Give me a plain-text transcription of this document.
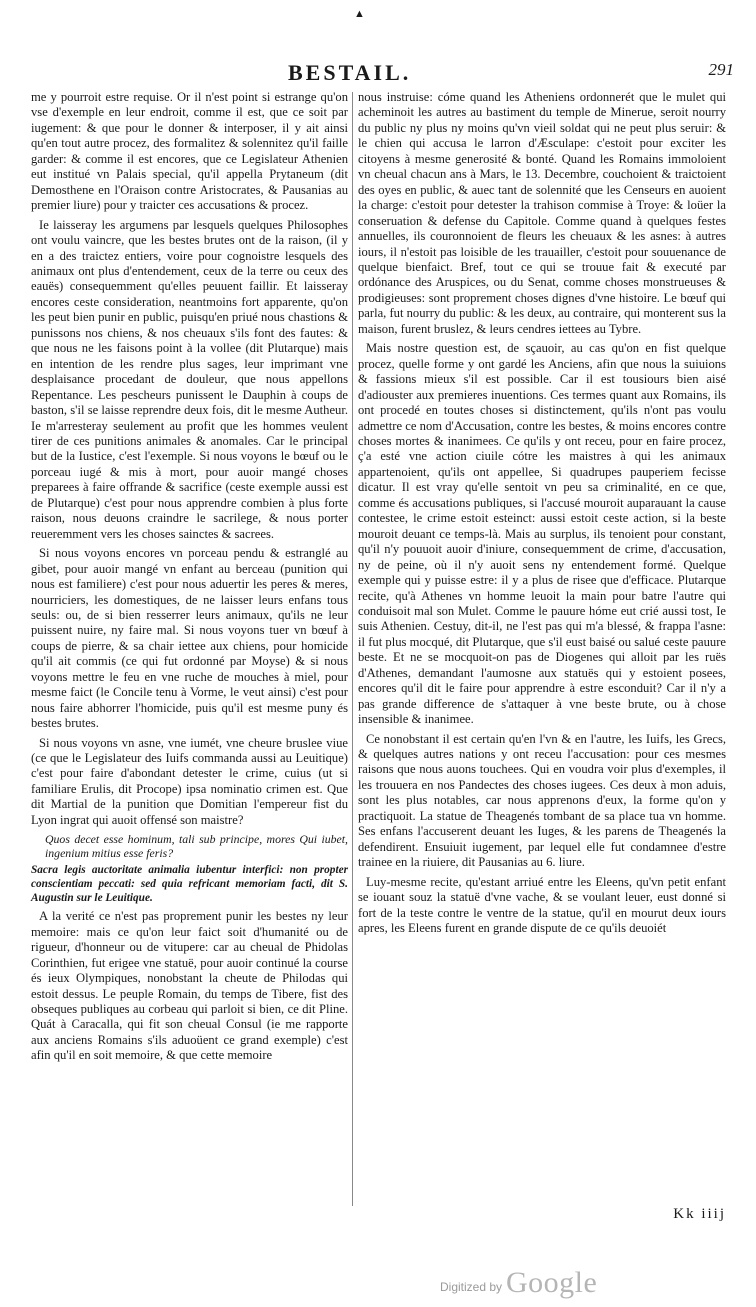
BESTAIL.	291
▲

me y pourroit estre requise. Or il n'est point si estrange qu'on vse d'exemple en leur endroit, comme il est, que ce soit par iugement: & que pour le donner & interposer, il y ait ainsi qu'en tout autre procez, des formalitez & solennitez qu'il faille garder: & comme il est encores, que ce Legislateur Athenien eut institué vn Palais special, qu'il appella Prytaneum (dit Demosthene en l'Oraison contre Aristocrates, & Pausanias au premier liure) pour y traicter ces accusations & procez.

Ie laisseray les argumens par lesquels quelques Philosophes ont voulu vaincre, que les bestes brutes ont de la raison, (il y en a des traictez entiers, voire pour cognoistre lesquels des animaux ont plus d'entendement, ceux de la terre ou ceux des eauës) consequemment qu'elles peuuent faillir. Et laisseray encores ceste consideration, neantmoins fort apparente, qu'on les peut bien punir en public, puisqu'en priué nous chastions & punissons nos chiens, & nos cheuaux s'ils font des fautes: & que nous ne les faisons point à la vollee (dit Plutarque) mais en intention de les rendre plus sages, leur imprimant vne desplaisance procedant de douleur, que nous appellons Repentance. Les pescheurs punissent le Dauphin à coups de baston, s'il se laisse reprendre deux fois, dit le mesme Autheur. Ie m'arresteray seulement au profit que les hommes veulent tirer de ces punitions animales & anomales. Car le principal but de la Iustice, c'est l'exemple. Si nous voyons le bœuf ou le porceau iugé & mis à mort, pour auoir mangé choses preparees à faire offrande & sacrifice (ceste exemple aussi est de Plutarque) c'est pour nous apprendre combien à plus forte raison, nous deuons craindre le sacrilege, & nous porter reueremment vers les choses sainctes & sacrees.

Si nous voyons encores vn porceau pendu & estranglé au gibet, pour auoir mangé vn enfant au berceau (punition qui nous est familiere) c'est pour nous aduertir les peres & meres, nourriciers, les domestiques, de ne laisser leurs enfans tous seuls: ou, de si bien resserrer leurs animaux, qu'ils ne leur puissent nuire, ny faire mal. Si nous voyons tuer vn bœuf à coups de pierre, & sa chair iettee aux chiens, pour homicide qu'il ait commis (ce qui fut ordonné par Moyse) & si nous voyons mettre le feu en vne ruche de mouches à miel, pour mesme faict (le Concile tenu à Vorme, le veut ainsi) c'est pour nous faire abhorrer l'homicide, puis qu'il est mesme puny és bestes brutes.

Si nous voyons vn asne, vne iumét, vne cheure bruslee viue (ce que le Legislateur des Iuifs commanda aussi au Leuitique) c'est pour faire d'abondant detester le crime, cuius (ut si familiare Erulis, dit Procope) ipsa nominatio crimen est. Que dit Martial de la punition que Domitian l'empereur fist du Lyon ingrat qui auoit offensé son maistre?

Quos decet esse hominum, tali sub principe, mores Qui iubet, ingenium mitius esse feris?

Sacra legis auctoritate animalia iubentur interfici: non propter conscientiam peccati: sed quia refricant memoriam facti, dit S. Augustin sur le Leuitique.

A la verité ce n'est pas proprement punir les bestes ny leur memoire: mais ce qu'on leur faict soit d'humanité ou de rigueur, d'honneur ou de vitupere: car au cheual de Phidolas Corinthien, fut erigee vne statuë, pour auoir continué la course és ieux Olympiques, nonobstant la cheute de Philodas qui estoit dessus. Le peuple Romain, du temps de Tibere, fist des obseques publiques au corbeau qui parloit si bien, ce dit Pline. Quát à Caracalla, qui fit son cheual Consul (ie me rapporte aux anciens Romains s'ils aduoüent ce grand exemple) c'est afin qu'il en soit memoire, & que cette memoire

nous instruise: cóme quand les Atheniens ordonnerét que le mulet qui acheminoit les autres au bastiment du temple de Minerue, seroit nourry du public ny plus ny moins qu'vn vieil soldat qui ne peut plus seruir: & le chien qui accusa le larron d'Æsculape: c'estoit pour exciter les citoyens à mesme generosité & bonté. Quand les Romains immoloient vn cheual chacun ans à Mars, le 13. Decembre, couchoient & traictoient des oyes en public, & auec tant de solennité que les Censeurs en auoient la charge: c'estoit pour detester la trahison commise à Troye: & loüer la conseruation & defense du Capitole. Comme quand à quelques festes annuelles, ils couronnoient de fleurs les cheuaux & les asnes: à autres iours, il n'estoit pas loisible de les trauailler, c'estoit pour souuenance de quelque bienfaict. Bref, tout ce qui se trouue fait & executé par ordónance des Aruspices, ou du Senat, comme choses monstrueuses & prodigieuses: sont proprement choses dignes d'vne histoire. Le bœuf qui parla, fut nourry du public: & les deux, au contraire, qui monterent sus la maison, furent bruslez, & leurs cendres iettees au Tybre.

Mais nostre question est, de sçauoir, au cas qu'on en fist quelque procez, quelle forme y ont gardé les Anciens, afin que nous la suiuions & fassions mieux s'il est possible. Car il est tousiours bien aisé d'adiouster aux premieres inuentions. Ces termes quant aux Romains, ils ont procedé en toutes choses si distinctement, qu'ils n'ont pas voulu admettre ce nom d'Accusation, contre les bestes, & moins encores contre choses mortes & inanimees. Ce qu'ils y ont receu, pour en faire procez, ç'a esté vne action ciuile cótre les maistres à qui les animaux appartenoient, qu'ils ont appellee, Si quadrupes pauperiem fecisse dicatur. Il est vray qu'elle sentoit vn peu sa criminalité, en ce que, comme és accusations publiques, si l'accusé mouroit auparauant la cause contestee, le crime estoit esteinct: aussi estoit ceste action, si la beste mouroit deuant ce temps-là. Mais au surplus, ils tenoient pour constant, qu'il n'y pouuoit auoir d'iniure, consequemment de crime, d'accusation, ny de peine, où il n'y auoit sens ny entendement formé. Quelque exemple qui y puisse estre: il y a plus de risee que d'efficace. Plutarque recite, qu'à Athenes vn homme leuoit la main pour batre l'autre qui conduisoit mal son Mulet. Comme le pauure hóme eut crié aussi tost, Ie suis Athenien. Cestuy, dit-il, ne l'est pas qui m'a blessé, & frappa l'asne: il fut plus mocqué, dit Plutarque, que s'il eust baisé ou salué ceste pauure beste. Et ne se mocquoit-on pas de Diogenes qui alloit par les ruës d'Athenes, demandant l'aumosne aux statuës qui y estoient posees, encores qu'il dit le faire pour apprendre à estre esconduit? Car il n'y a pas grande difference de s'attaquer à vne beste brute, ou à chose insensible & inanimee.

Ce nonobstant il est certain qu'en l'vn & en l'autre, les Iuifs, les Grecs, & quelques autres nations y ont receu l'accusation: pour ces mesmes raisons que nous auons touchees. Qui en voudra voir plus d'exemples, il les trouuera en nos Pandectes des choses iugees. Ces deux à mon aduis, sont les plus notables, car nous apprenons d'eux, la forme qu'on y practiquoit. La statue de Theagenés tombant de sa place tua vn homme. Ses enfans l'accuserent deuant les Iuges, & les parens de Theagenés la defendirent. Ensuiuit iugement, par lequel elle fut condamnee d'estre trainee en la riuiere, dit Pausanias au 6. liure.

Luy-mesme recite, qu'estant arriué entre les Eleens, qu'vn petit enfant se iouant souz la statuë d'vne vache, & se voulant leuer, eust donné si fort de la teste contre le ventre de la statue, qu'il en mourut deux iours apres, les Eleens furent en grande dispute de ce qu'ils deuoiét

Kk iiij
Digitized by Google
